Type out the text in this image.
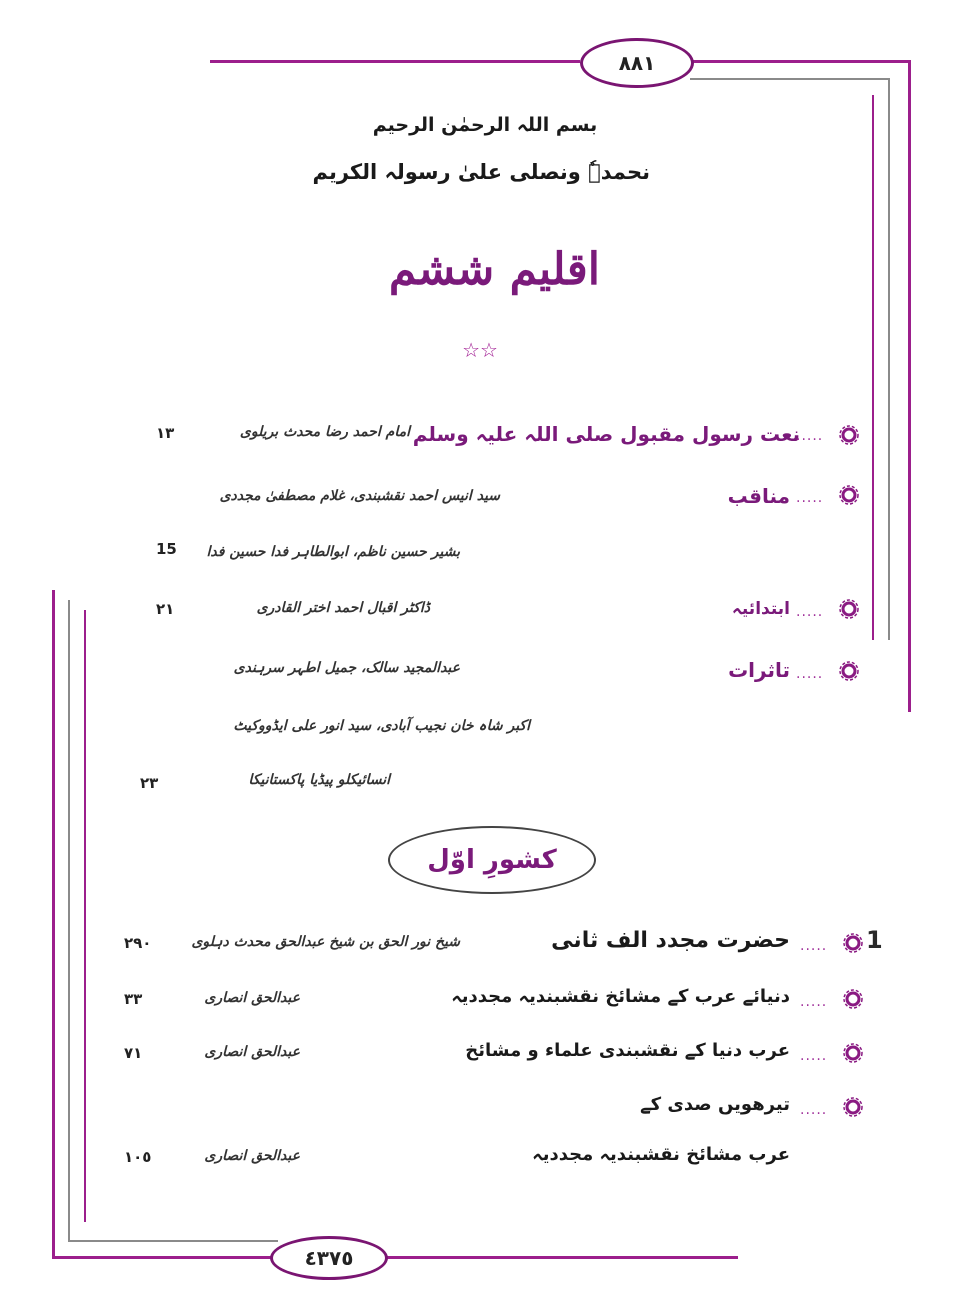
٨٨١
بسم اللہ الرحمٰن الرحیم
نحمدہٗ ونصلی علیٰ رسولہ الکریم
اقلیم ششم
☆☆
نعت رسول مقبول صلی اللہ علیہ وسلم
.....
امام احمد رضا محدث بریلوی
١٣
مناقب .....
سید انیس احمد نقشبندی، غلام مصطفیٰ مجددی
بشیر حسین ناظم، ابوالطاہر فدا حسین فدا
15
ابتدائیہ .....
ڈاکٹر اقبال احمد اختر القادری
٢١
تاثرات .....
عبدالمجید سالک، جمیل اطہر سرہندی
اکبر شاہ خان نجیب آبادی، سید انور علی ایڈووکیٹ
انسائیکلو پیڈیا پاکستانیکا
٢٣
کشورِ اوّل
1
.....
حضرت مجدد الف ثانی
شیخ نور الحق بن شیخ عبدالحق محدث دہلوی
٢٩٠
.....
دنیائے عرب کے مشائخ نقشبندیہ مجددیہ
عبدالحق انصاری
٣٣
.....
عرب دنیا کے نقشبندی علماء و مشائخ
عبدالحق انصاری
٧١
.....
تیرھویں صدی کے
عرب مشائخ نقشبندیہ مجددیہ
عبدالحق انصاری
١٠٥
٤٣٧٥
